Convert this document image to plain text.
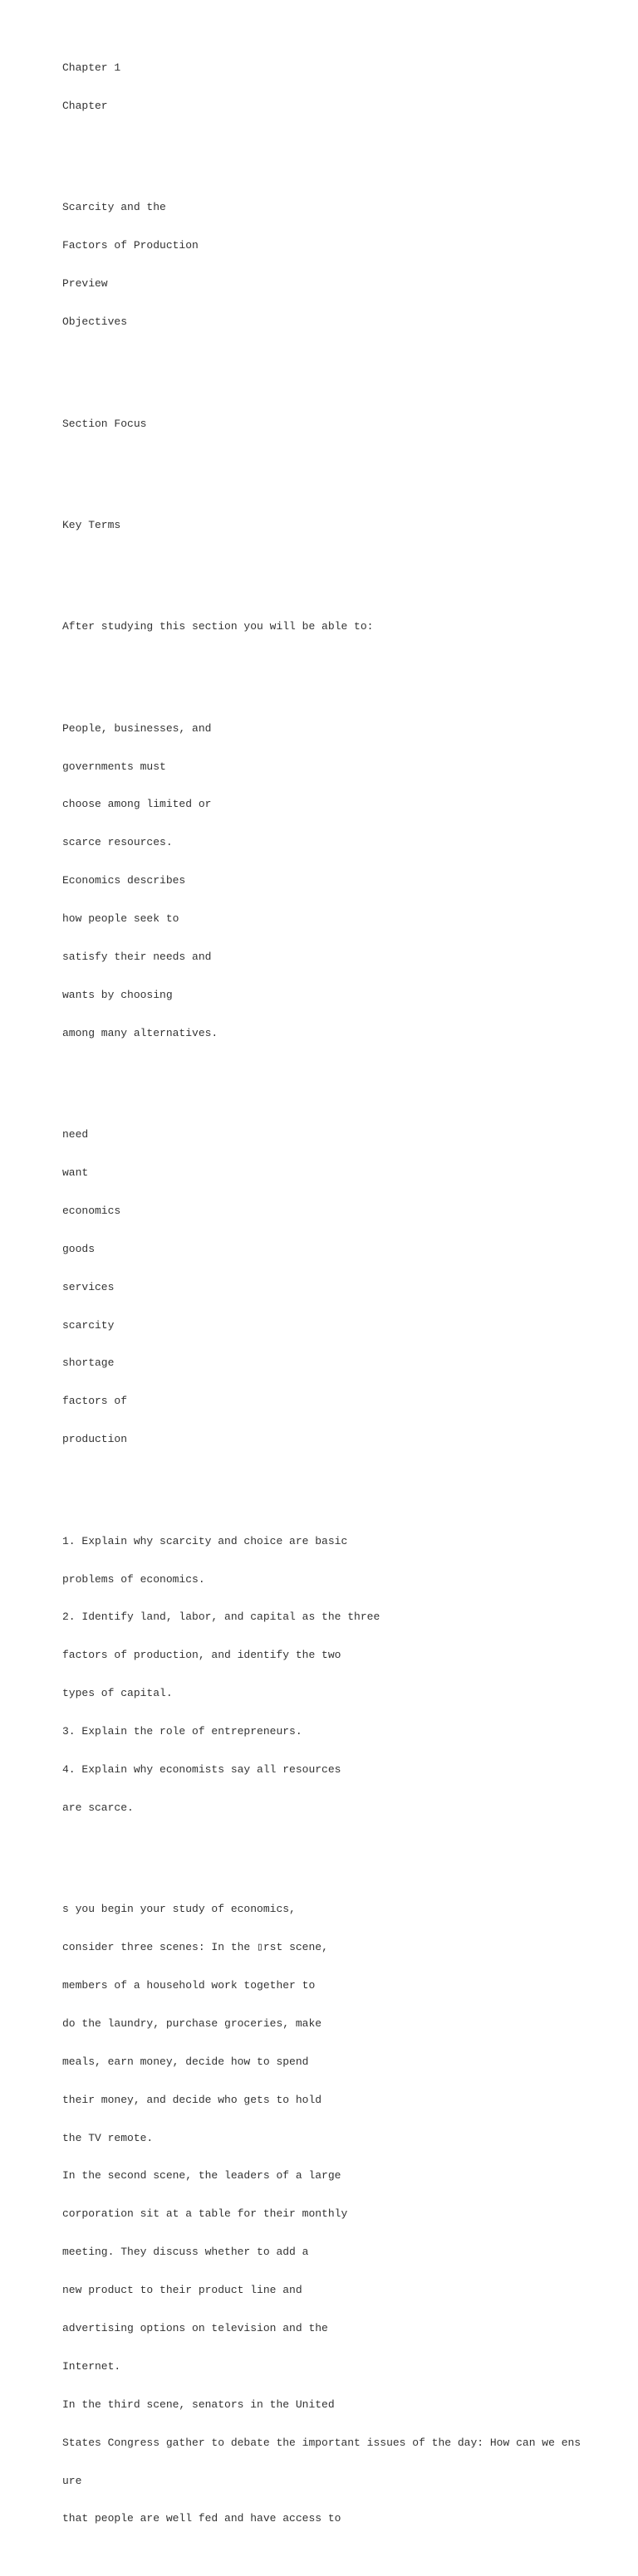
Chapter 1

Chapter

Scarcity and the

Factors of Production

Preview

Objectives

Section Focus

Key Terms

After studying this section you will be able to:

People, businesses, and

governments must

choose among limited or

scarce resources.

Economics describes

how people seek to

satisfy their needs and

wants by choosing

among many alternatives.

need

want

economics

goods

services

scarcity

shortage

factors of

production

1. Explain why scarcity and choice are basic

problems of economics.

2. Identify land, labor, and capital as the three

factors of production, and identify the two

types of capital.

3. Explain the role of entrepreneurs.

4. Explain why economists say all resources

are scarce.

s you begin your study of economics,

consider three scenes: In the ▯rst scene,

members of a household work together to

do the laundry, purchase groceries, make

meals, earn money, decide how to spend

their money, and decide who gets to hold

the TV remote.

In the second scene, the leaders of a large

corporation sit at a table for their monthly

meeting. They discuss whether to add a

new product to their product line and

advertising options on television and the

Internet.

In the third scene, senators in the United

States Congress gather to debate the important issues of the day: How can we ens

ure

that people are well fed and have access to
